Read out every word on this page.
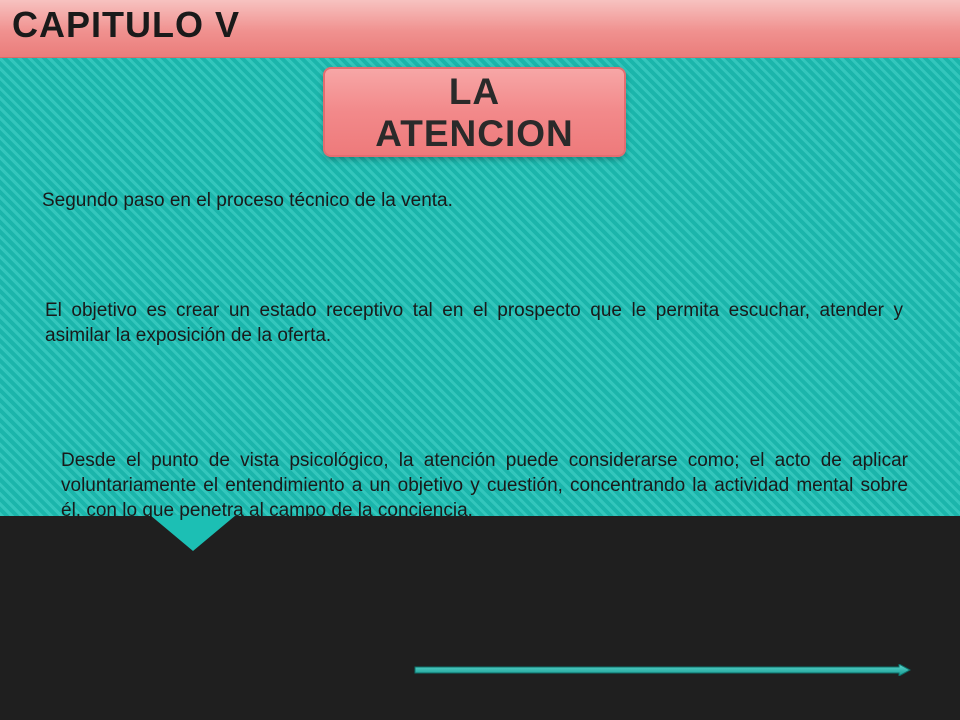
CAPITULO V
LA
ATENCION

Segundo paso en el proceso técnico de la venta.

El objetivo es crear un estado receptivo tal en el prospecto que le permita escuchar, atender y asimilar la exposición de la oferta.

Desde el punto de vista psicológico, la atención puede considerarse como; el acto de aplicar voluntariamente el entendimiento a un objetivo y cuestión, concentrando la actividad mental sobre él, con lo que penetra al campo de la conciencia.
